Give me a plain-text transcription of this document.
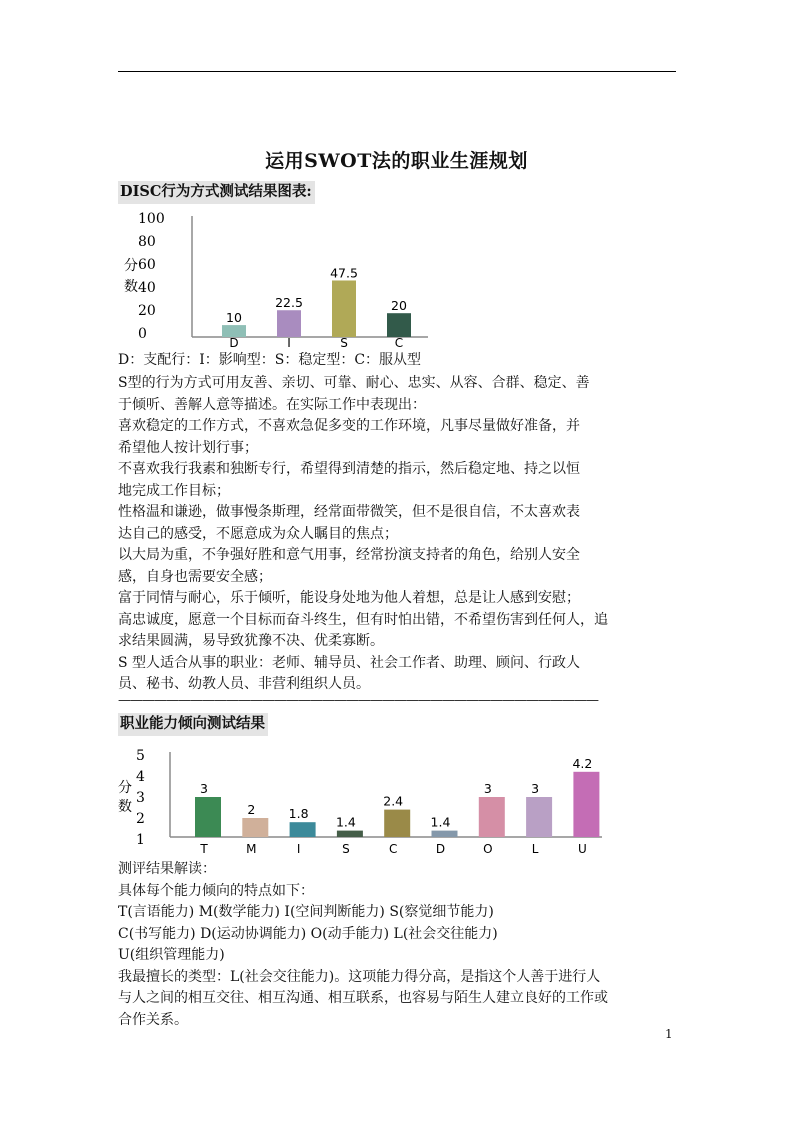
运用SWOT法的职业生涯规划
DISC行为方式测试结果图表:
100
80
60
40
20
0
分
数
10
D
22.5
I
47.5
S
20
C
D：支配行：I：影响型：S：稳定型：C：服从型
S型的行为方式可用友善、亲切、可靠、耐心、忠实、从容、合群、稳定、善
于倾听、善解人意等描述。在实际工作中表现出：
喜欢稳定的工作方式，不喜欢急促多变的工作环境，凡事尽量做好准备，并
希望他人按计划行事；
不喜欢我行我素和独断专行，希望得到清楚的指示，然后稳定地、持之以恒
地完成工作目标；
性格温和谦逊，做事慢条斯理，经常面带微笑，但不是很自信，不太喜欢表
达自己的感受，不愿意成为众人瞩目的焦点；
以大局为重，不争强好胜和意气用事，经常扮演支持者的角色，给别人安全
感，自身也需要安全感；
富于同情与耐心，乐于倾听，能设身处地为他人着想，总是让人感到安慰；
高忠诚度，愿意一个目标而奋斗终生，但有时怕出错，不希望伤害到任何人，追
求结果圆满，易导致犹豫不决、优柔寡断。
S 型人适合从事的职业：老师、辅导员、社会工作者、助理、顾问、行政人
员、秘书、幼教人员、非营利组织人员。
————————————————————————————————————————
职业能力倾向测试结果
5
4
3
2
1
分
数
3
T
2
M
1.8
I
1.4
S
2.4
C
1.4
D
3
O
3
L
4.2
U
测评结果解读：
具体每个能力倾向的特点如下：
T(言语能力) M(数学能力) I(空间判断能力) S(察觉细节能力)
C(书写能力) D(运动协调能力) O(动手能力) L(社会交往能力)
U(组织管理能力)
我最擅长的类型：L(社会交往能力)。这项能力得分高，是指这个人善于进行人
与人之间的相互交往、相互沟通、相互联系，也容易与陌生人建立良好的工作或
合作关系。
1
